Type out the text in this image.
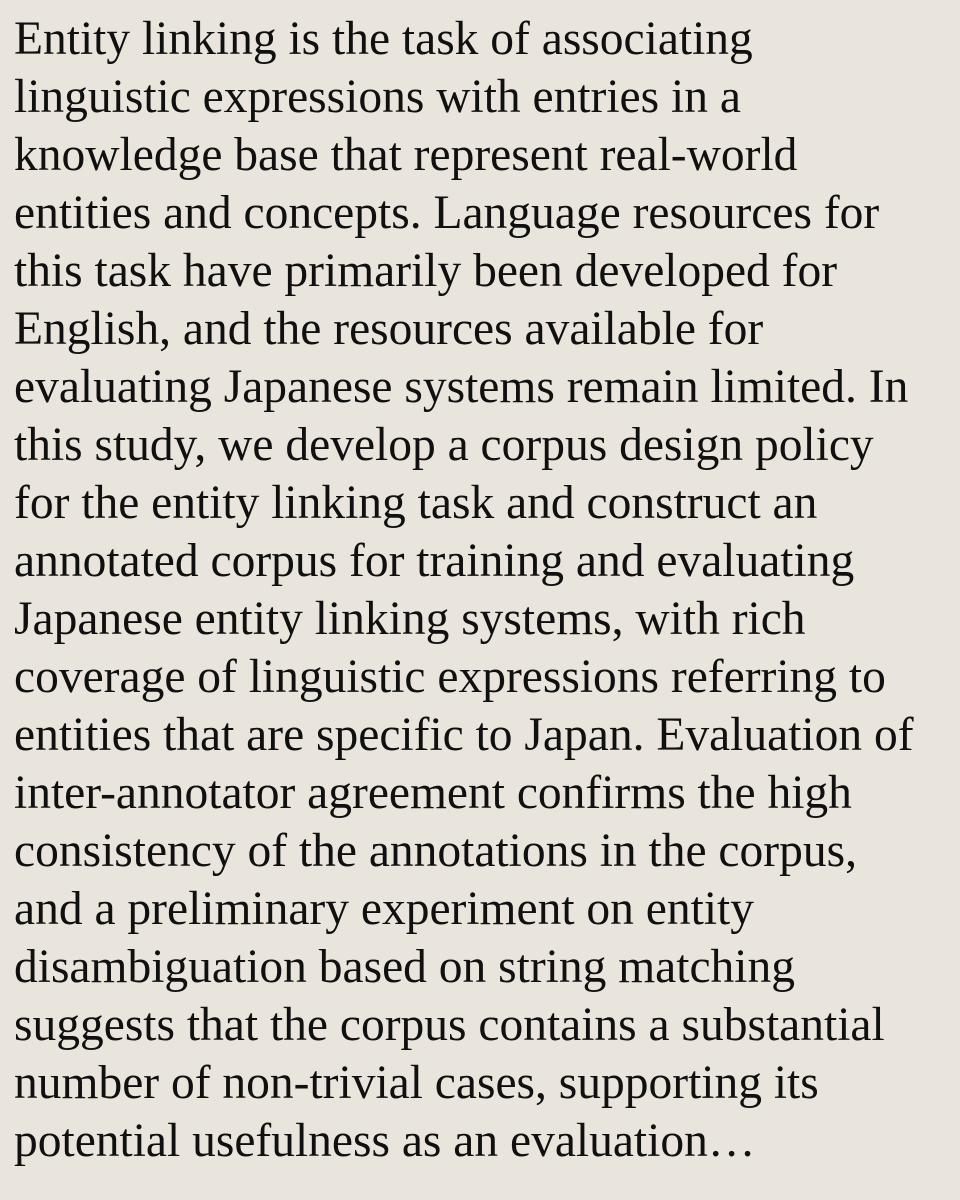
Entity linking is the task of associating
linguistic expressions with entries in a
knowledge base that represent real-world
entities and concepts. Language resources for
this task have primarily been developed for
English, and the resources available for
evaluating Japanese systems remain limited. In
this study, we develop a corpus design policy
for the entity linking task and construct an
annotated corpus for training and evaluating
Japanese entity linking systems, with rich
coverage of linguistic expressions referring to
entities that are specific to Japan. Evaluation of
inter-annotator agreement confirms the high
consistency of the annotations in the corpus,
and a preliminary experiment on entity
disambiguation based on string matching
suggests that the corpus contains a substantial
number of non-trivial cases, supporting its
potential usefulness as an evaluation…
